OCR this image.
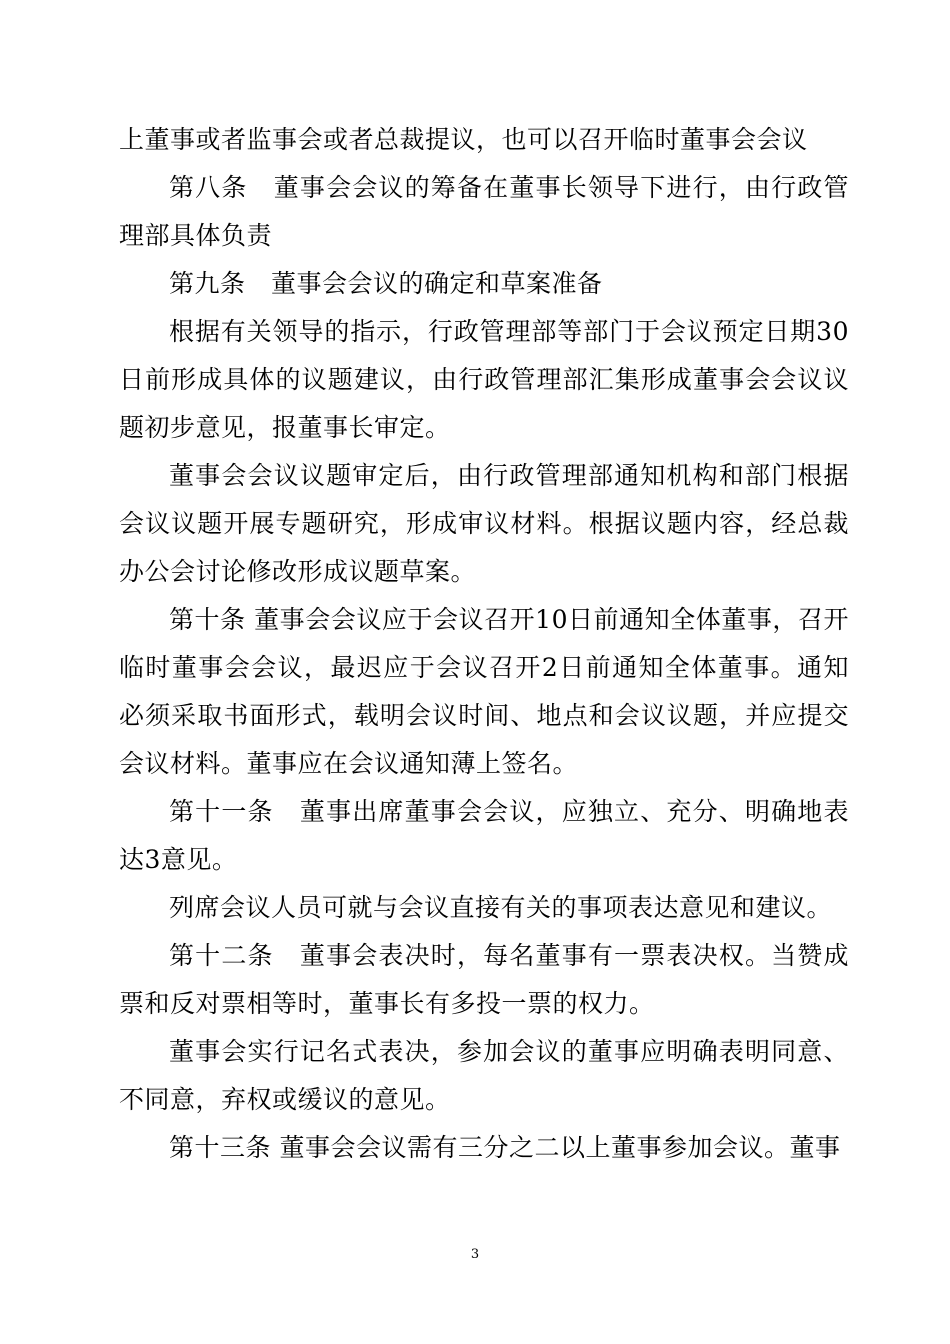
上董事或者监事会或者总裁提议，也可以召开临时董事会会议

第八条　董事会会议的筹备在董事长领导下进行，由行政管理部具体负责

第九条　董事会会议的确定和草案准备

根据有关领导的指示，行政管理部等部门于会议预定日期30日前形成具体的议题建议，由行政管理部汇集形成董事会会议议题初步意见，报董事长审定。

董事会会议议题审定后，由行政管理部通知机构和部门根据会议议题开展专题研究，形成审议材料。根据议题内容，经总裁办公会讨论修改形成议题草案。

第十条 董事会会议应于会议召开10日前通知全体董事，召开临时董事会会议，最迟应于会议召开2日前通知全体董事。通知必须采取书面形式，载明会议时间、地点和会议议题，并应提交会议材料。董事应在会议通知薄上签名。

第十一条　董事出席董事会会议，应独立、充分、明确地表达3意见。

列席会议人员可就与会议直接有关的事项表达意见和建议。

第十二条　董事会表决时，每名董事有一票表决权。当赞成票和反对票相等时，董事长有多投一票的权力。

董事会实行记名式表决，参加会议的董事应明确表明同意、不同意，弃权或缓议的意见。

第十三条 董事会会议需有三分之二以上董事参加会议。董事

3
